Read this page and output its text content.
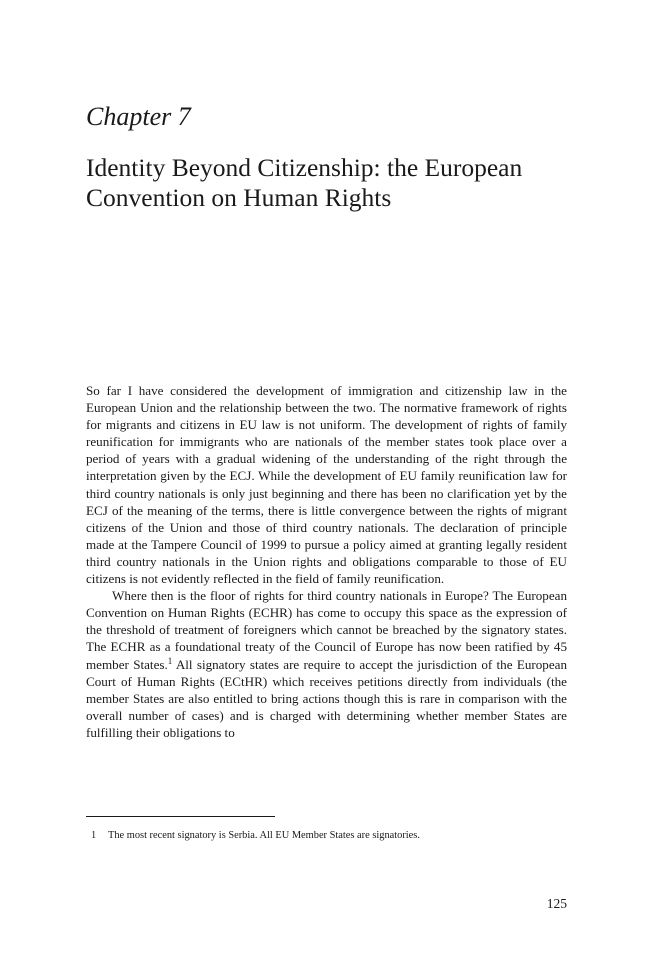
Chapter 7
Identity Beyond Citizenship: the European Convention on Human Rights

So far I have considered the development of immigration and citizenship law in the European Union and the relationship between the two. The normative framework of rights for migrants and citizens in EU law is not uniform. The development of rights of family reunification for immigrants who are nationals of the member states took place over a period of years with a gradual widening of the understanding of the right through the interpretation given by the ECJ. While the development of EU family reunification law for third country nationals is only just beginning and there has been no clarification yet by the ECJ of the meaning of the terms, there is little convergence between the rights of migrant citizens of the Union and those of third country nationals. The declaration of principle made at the Tampere Council of 1999 to pursue a policy aimed at granting legally resident third country nationals in the Union rights and obligations comparable to those of EU citizens is not evidently reflected in the field of family reunification.

Where then is the floor of rights for third country nationals in Europe? The European Convention on Human Rights (ECHR) has come to occupy this space as the expression of the threshold of treatment of foreigners which cannot be breached by the signatory states. The ECHR as a foundational treaty of the Council of Europe has now been ratified by 45 member States.$^1$ All signatory states are require to accept the jurisdiction of the European Court of Human Rights (ECtHR) which receives petitions directly from individuals (the member States are also entitled to bring actions though this is rare in comparison with the overall number of cases) and is charged with determining whether member States are fulfilling their obligations to

1 The most recent signatory is Serbia. All EU Member States are signatories.
125
